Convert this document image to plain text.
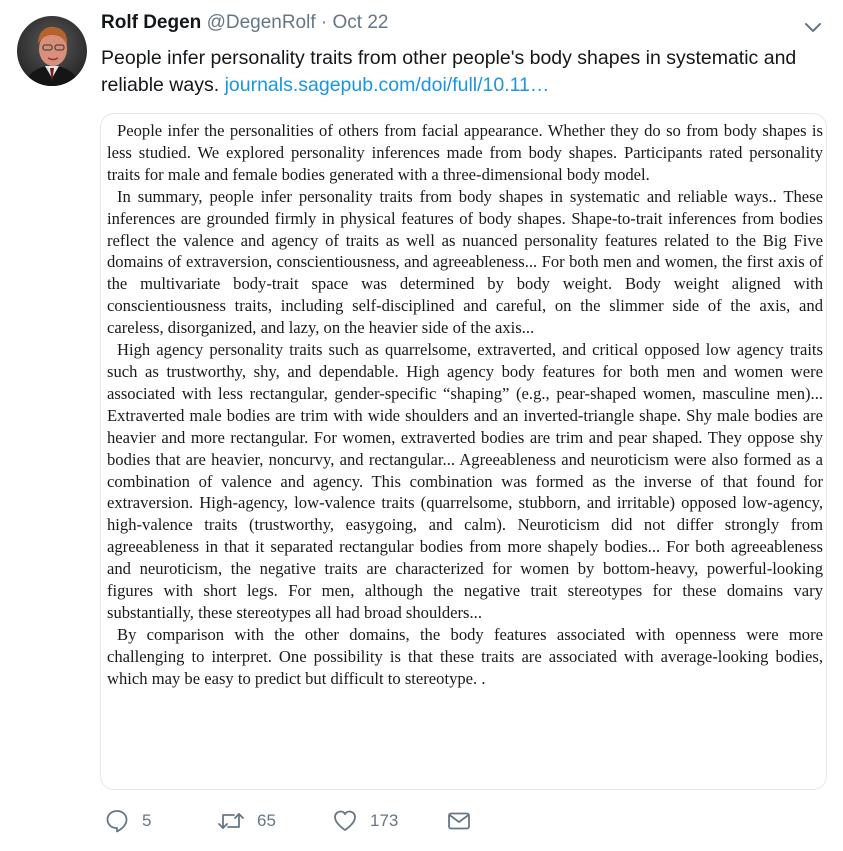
Rolf Degen @DegenRolf · Oct 22
People infer personality traits from other people's body shapes in systematic and reliable ways. journals.sagepub.com/doi/full/10.11…

People infer the personalities of others from facial appearance. Whether they do so from body shapes is less studied. We explored personality inferences made from body shapes. Participants rated personality traits for male and female bodies generated with a three-dimensional body model.

In summary, people infer personality traits from body shapes in systematic and reliable ways.. These inferences are grounded firmly in physical features of body shapes. Shape-to-trait inferences from bodies reflect the valence and agency of traits as well as nuanced personality features related to the Big Five domains of extraversion, conscientiousness, and agreeableness... For both men and women, the first axis of the multivariate body-trait space was determined by body weight. Body weight aligned with conscientiousness traits, including self-disciplined and careful, on the slimmer side of the axis, and careless, disorganized, and lazy, on the heavier side of the axis...

High agency personality traits such as quarrelsome, extraverted, and critical opposed low agency traits such as trustworthy, shy, and dependable. High agency body features for both men and women were associated with less rectangular, gender-specific “shaping” (e.g., pear-shaped women, masculine men)... Extraverted male bodies are trim with wide shoulders and an inverted-triangle shape. Shy male bodies are heavier and more rectangular. For women, extraverted bodies are trim and pear shaped. They oppose shy bodies that are heavier, noncurvy, and rectangular... Agreeableness and neuroticism were also formed as a combination of valence and agency. This combination was formed as the inverse of that found for extraversion. High-agency, low-valence traits (quarrelsome, stubborn, and irritable) opposed low-agency, high-valence traits (trustworthy, easygoing, and calm). Neuroticism did not differ strongly from agreeableness in that it separated rectangular bodies from more shapely bodies... For both agreeableness and neuroticism, the negative traits are characterized for women by bottom-heavy, powerful-looking figures with short legs. For men, although the negative trait stereotypes for these domains vary substantially, these stereotypes all had broad shoulders...

By comparison with the other domains, the body features associated with openness were more challenging to interpret. One possibility is that these traits are associated with average-looking bodies, which may be easy to predict but difficult to stereotype. .

5	65	173
